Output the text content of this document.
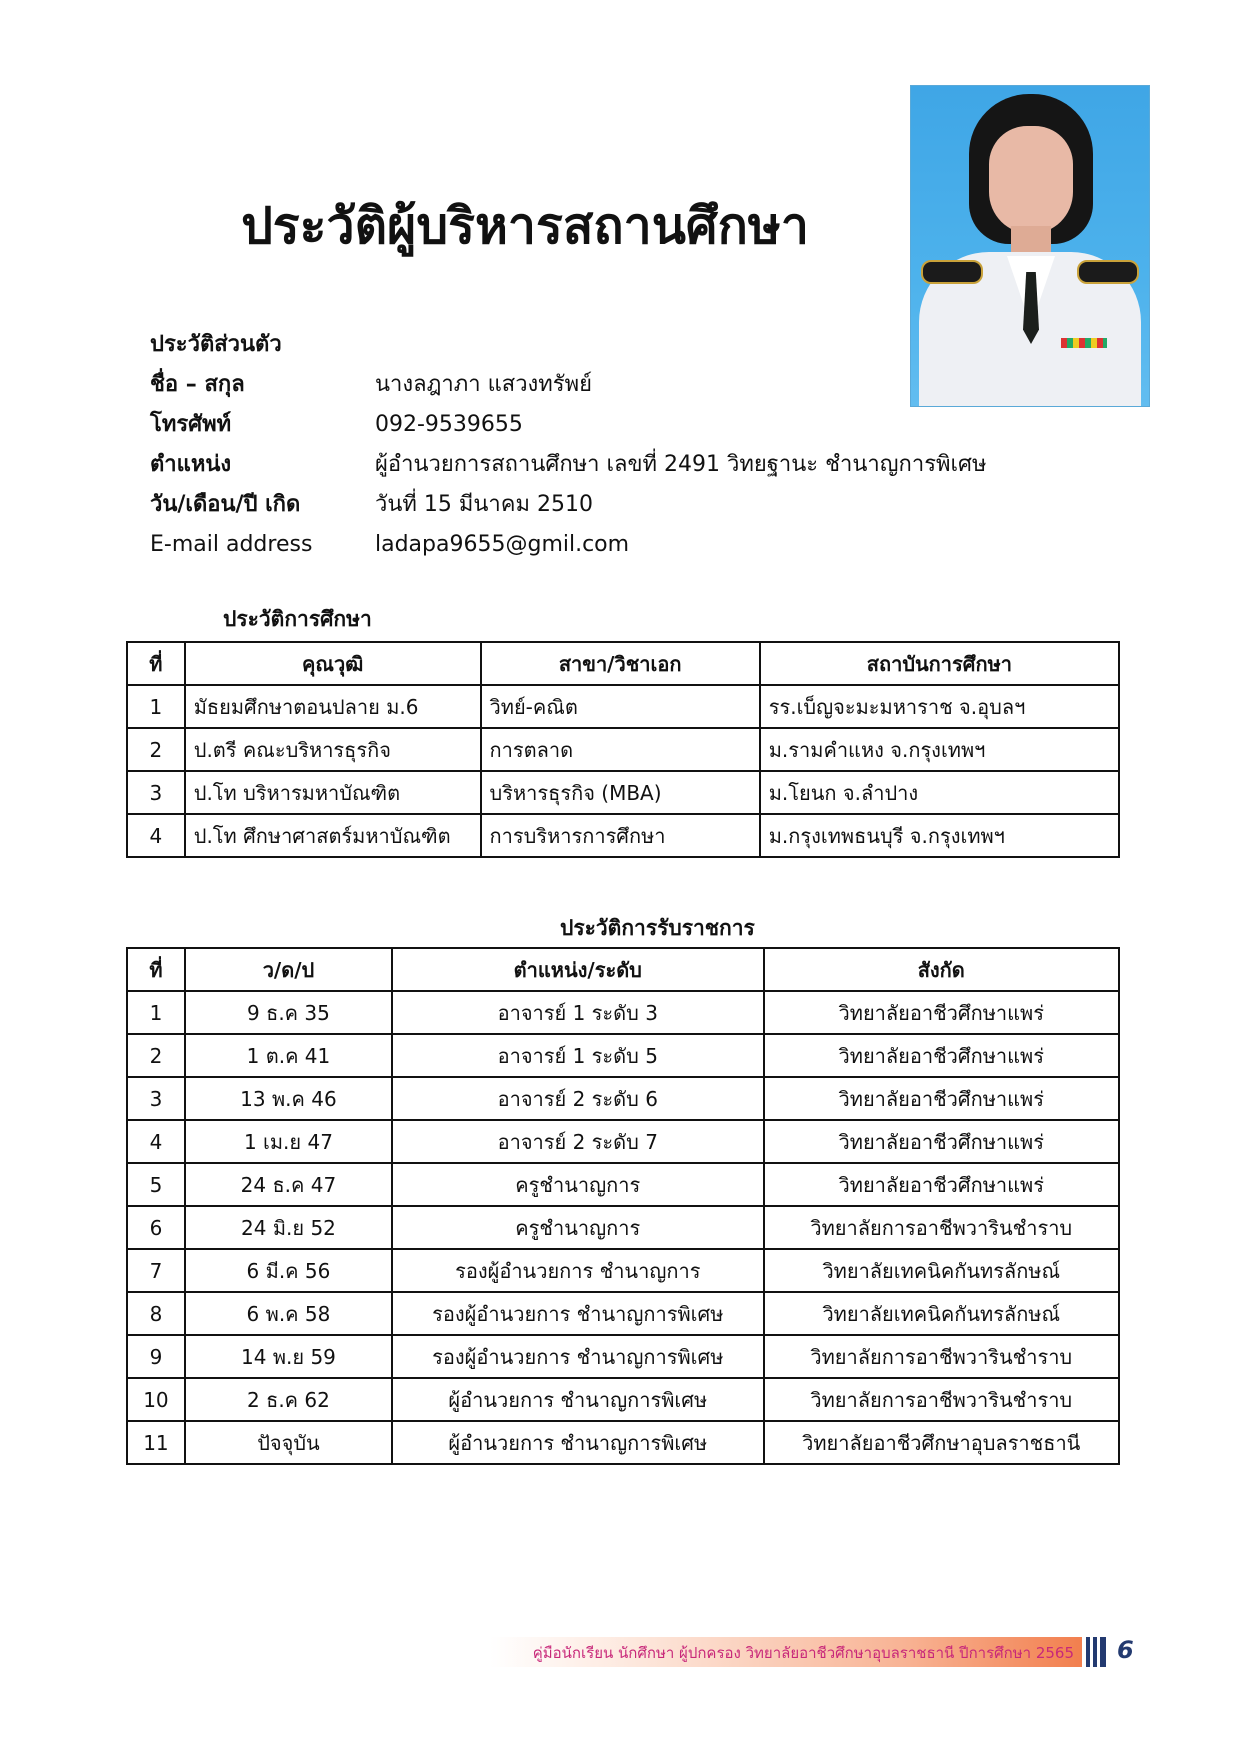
ประวัติผู้บริหารสถานศึกษา
ประวัติส่วนตัว
ชื่อ – สกุล	นางลฎาภา แสวงทรัพย์
โทรศัพท์	092-9539655
ตำแหน่ง	ผู้อำนวยการสถานศึกษา เลขที่ 2491 วิทยฐานะ ชำนาญการพิเศษ
วัน/เดือน/ปี เกิด	วันที่ 15 มีนาคม 2510
E-mail address	ladapa9655@gmil.com
ประวัติการศึกษา
ที่	คุณวุฒิ	สาขา/วิชาเอก	สถาบันการศึกษา
1	มัธยมศึกษาตอนปลาย ม.6	วิทย์-คณิต	รร.เบ็ญจะมะมหาราช จ.อุบลฯ
2	ป.ตรี คณะบริหารธุรกิจ	การตลาด	ม.รามคำแหง จ.กรุงเทพฯ
3	ป.โท บริหารมหาบัณฑิต	บริหารธุรกิจ (MBA)	ม.โยนก จ.ลำปาง
4	ป.โท ศึกษาศาสตร์มหาบัณฑิต	การบริหารการศึกษา	ม.กรุงเทพธนบุรี จ.กรุงเทพฯ
ประวัติการรับราชการ
ที่	ว/ด/ป	ตำแหน่ง/ระดับ	สังกัด
1	9 ธ.ค 35	อาจารย์ 1 ระดับ 3	วิทยาลัยอาชีวศึกษาแพร่
2	1 ต.ค 41	อาจารย์ 1 ระดับ 5	วิทยาลัยอาชีวศึกษาแพร่
3	13 พ.ค 46	อาจารย์ 2 ระดับ 6	วิทยาลัยอาชีวศึกษาแพร่
4	1 เม.ย 47	อาจารย์ 2 ระดับ 7	วิทยาลัยอาชีวศึกษาแพร่
5	24 ธ.ค 47	ครูชำนาญการ	วิทยาลัยอาชีวศึกษาแพร่
6	24 มิ.ย 52	ครูชำนาญการ	วิทยาลัยการอาชีพวารินชำราบ
7	6 มี.ค 56	รองผู้อำนวยการ ชำนาญการ	วิทยาลัยเทคนิคกันทรลักษณ์
8	6 พ.ค 58	รองผู้อำนวยการ ชำนาญการพิเศษ	วิทยาลัยเทคนิคกันทรลักษณ์
9	14 พ.ย 59	รองผู้อำนวยการ ชำนาญการพิเศษ	วิทยาลัยการอาชีพวารินชำราบ
10	2 ธ.ค 62	ผู้อำนวยการ ชำนาญการพิเศษ	วิทยาลัยการอาชีพวารินชำราบ
11	ปัจจุบัน	ผู้อำนวยการ ชำนาญการพิเศษ	วิทยาลัยอาชีวศึกษาอุบลราชธานี
คู่มือนักเรียน นักศึกษา ผู้ปกครอง วิทยาลัยอาชีวศึกษาอุบลราชธานี ปีการศึกษา 2565 6
